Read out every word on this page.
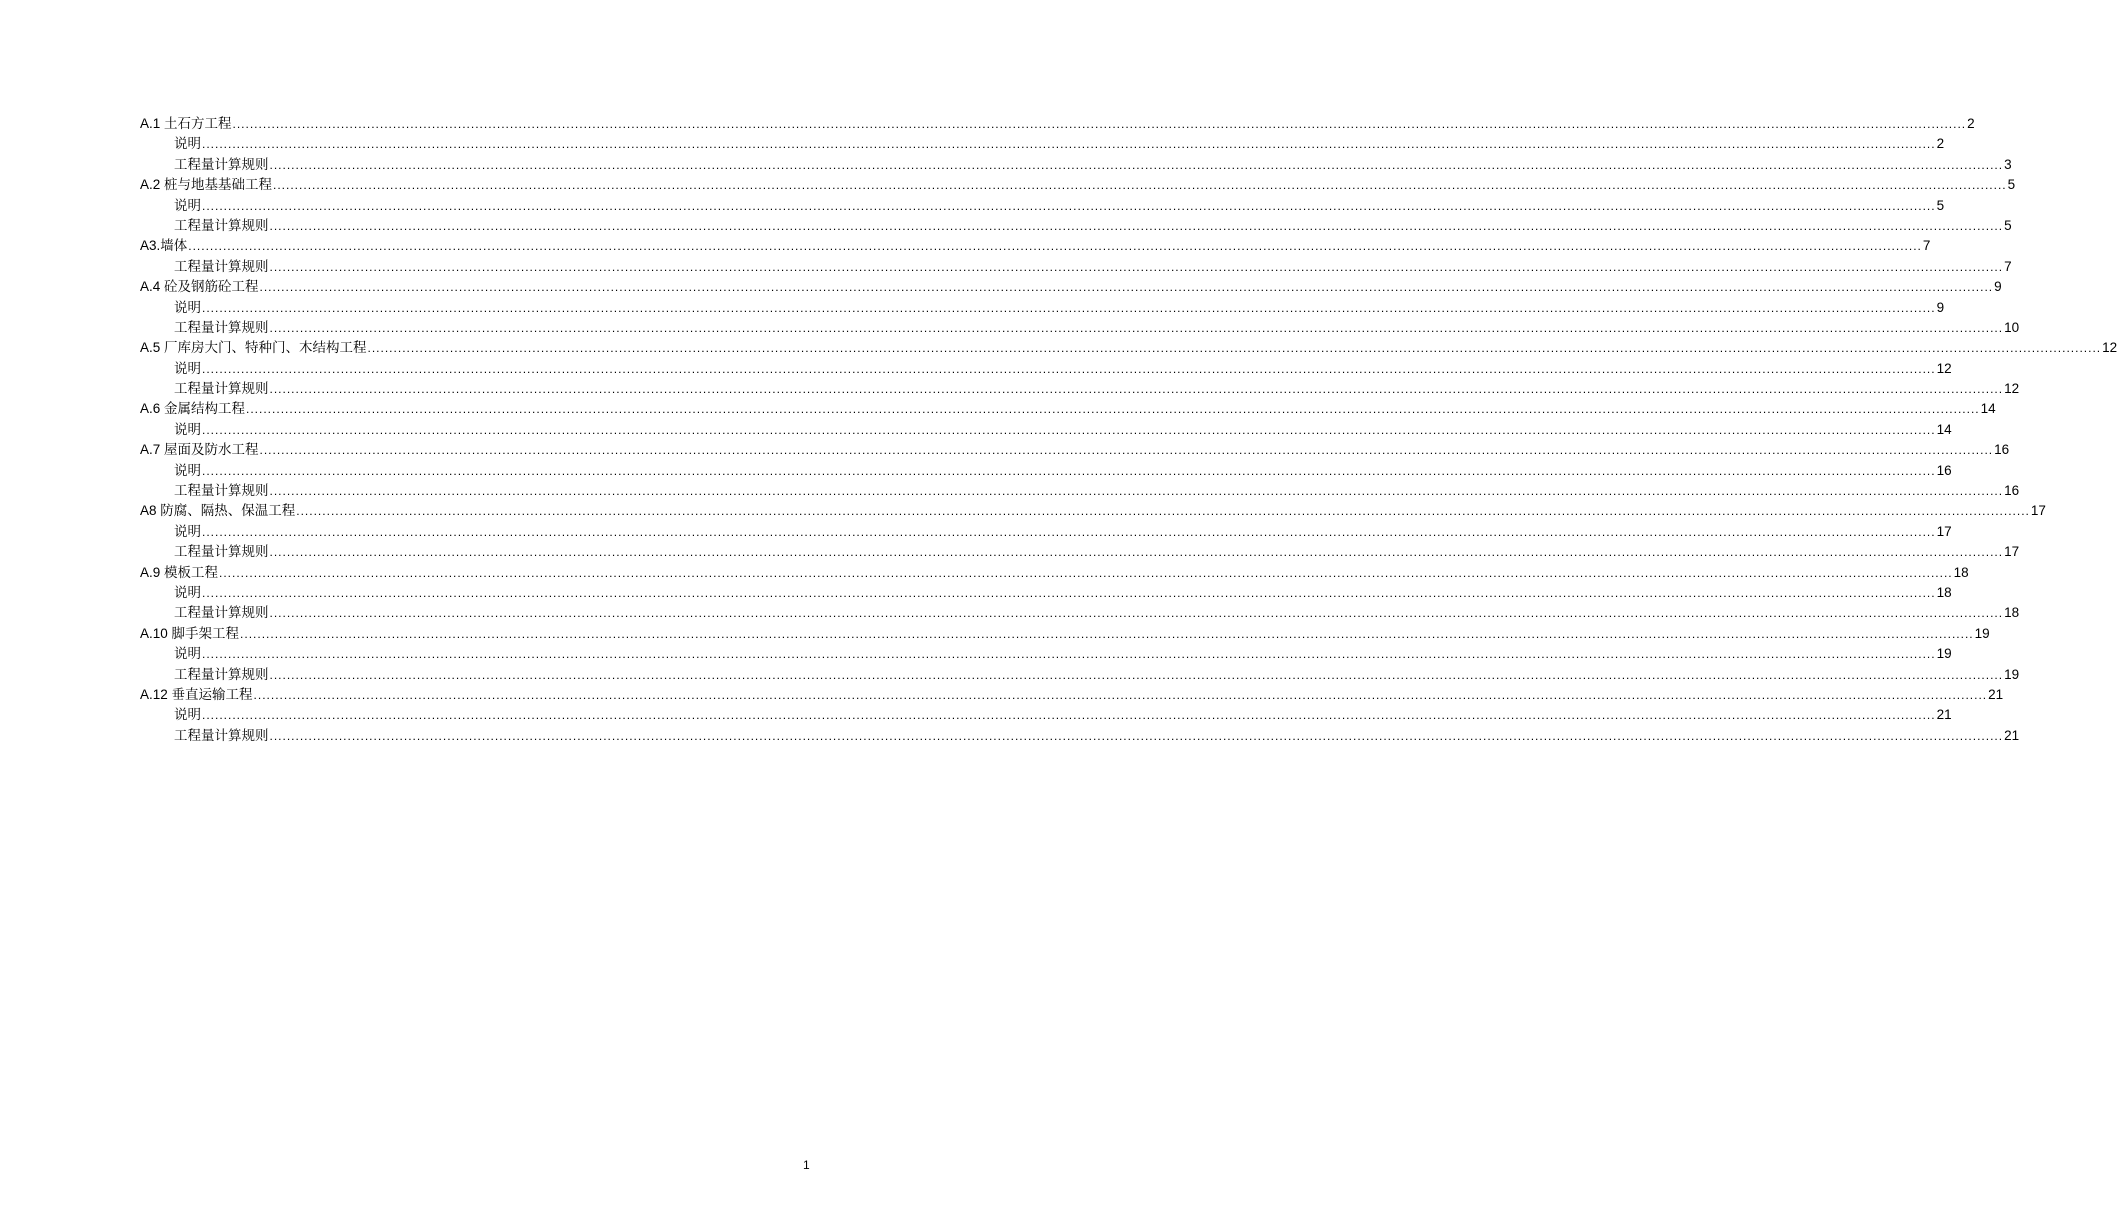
A.1 土石方工程 ................................................................................................................................................................................................................................................................................................................................................................................................................ 2
说明 ................................................................................................................................................................................................................................................................................................................................................................................................................ 2
工程量计算规则 ................................................................................................................................................................................................................................................................................................................................................................................................................ 3
A.2 桩与地基基础工程 ................................................................................................................................................................................................................................................................................................................................................................................................................ 5
说明 ................................................................................................................................................................................................................................................................................................................................................................................................................ 5
工程量计算规则 ................................................................................................................................................................................................................................................................................................................................................................................................................ 5
A3.墙体 ................................................................................................................................................................................................................................................................................................................................................................................................................ 7
工程量计算规则 ................................................................................................................................................................................................................................................................................................................................................................................................................ 7
A.4 砼及钢筋砼工程 ................................................................................................................................................................................................................................................................................................................................................................................................................ 9
说明 ................................................................................................................................................................................................................................................................................................................................................................................................................ 9
工程量计算规则 ................................................................................................................................................................................................................................................................................................................................................................................................................ 10
A.5 厂库房大门、特种门、木结构工程 ................................................................................................................................................................................................................................................................................................................................................................................................................ 12
说明 ................................................................................................................................................................................................................................................................................................................................................................................................................ 12
工程量计算规则 ................................................................................................................................................................................................................................................................................................................................................................................................................ 12
A.6 金属结构工程 ................................................................................................................................................................................................................................................................................................................................................................................................................ 14
说明 ................................................................................................................................................................................................................................................................................................................................................................................................................ 14
A.7 屋面及防水工程 ................................................................................................................................................................................................................................................................................................................................................................................................................ 16
说明 ................................................................................................................................................................................................................................................................................................................................................................................................................ 16
工程量计算规则 ................................................................................................................................................................................................................................................................................................................................................................................................................ 16
A8 防腐、隔热、保温工程 ................................................................................................................................................................................................................................................................................................................................................................................................................ 17
说明 ................................................................................................................................................................................................................................................................................................................................................................................................................ 17
工程量计算规则 ................................................................................................................................................................................................................................................................................................................................................................................................................ 17
A.9 模板工程 ................................................................................................................................................................................................................................................................................................................................................................................................................ 18
说明 ................................................................................................................................................................................................................................................................................................................................................................................................................ 18
工程量计算规则 ................................................................................................................................................................................................................................................................................................................................................................................................................ 18
A.10 脚手架工程 ................................................................................................................................................................................................................................................................................................................................................................................................................ 19
说明 ................................................................................................................................................................................................................................................................................................................................................................................................................ 19
工程量计算规则 ................................................................................................................................................................................................................................................................................................................................................................................................................ 19
A.12 垂直运输工程 ................................................................................................................................................................................................................................................................................................................................................................................................................ 21
说明 ................................................................................................................................................................................................................................................................................................................................................................................................................ 21
工程量计算规则 ................................................................................................................................................................................................................................................................................................................................................................................................................ 21
1
